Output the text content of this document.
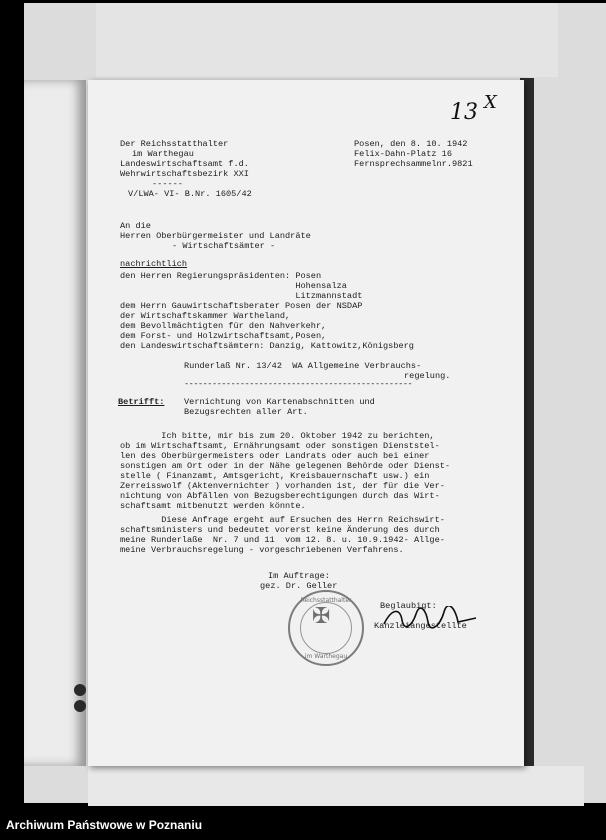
Der Reichsstatthalter
im Warthegau
Landeswirtschaftsamt f.d.
Wehrwirtschaftsbezirk XXI
------
V/LWA- VI- B.Nr. 1605/42
Posen, den 8. 10. 1942
Felix-Dahn-Platz 16
Fernsprechsammelnr.9821
13 X
An die
Herren Oberbürgermeister und Landräte
- Wirtschaftsämter -
nachrichtlich
den Herren Regierungspräsidenten: Posen
Hohensalza
Litzmannstadt
dem Herrn Gauwirtschaftsberater Posen der NSDAP
der Wirtschaftskammer Wartheland,
dem Bevollmächtigten für den Nahverkehr,
dem Forst- und Holzwirtschaftsamt,Posen,
den Landeswirtschaftsämtern: Danzig, Kattowitz,Königsberg
Runderlaß Nr. 13/42  WA Allgemeine Verbrauchs-
regelung.
-------------------------------------------------
Betrifft: Vernichtung von Kartenabschnitten und
Bezugsrechten aller Art.
Ich bitte, mir bis zum 20. Oktober 1942 zu berichten,
ob im Wirtschaftsamt, Ernährungsamt oder sonstigen Dienststel-
len des Oberbürgermeisters oder Landrats oder auch bei einer
sonstigen am Ort oder in der Nähe gelegenen Behörde oder Dienst-
stelle ( Finanzamt, Amtsgericht, Kreisbauernschaft usw.) ein
Zerreisswolf (Aktenvernichter ) vorhanden ist, der für die Ver-
nichtung von Abfällen von Bezugsberechtigungen durch das Wirt-
schaftsamt mitbenutzt werden könnte.
Diese Anfrage ergeht auf Ersuchen des Herrn Reichswirt-
schaftsministers und bedeutet vorerst keine Änderung des durch
meine Runderlaße  Nr. 7 und 11  vom 12. 8. u. 10.9.1942- Allge-
meine Verbrauchsregelung - vorgeschriebenen Verfahrens.
Im Auftrage:
gez. Dr. Geller
Beglaubigt:
Kanzleiangestellte
Reichsstatthalter
✠
im Warthegau
Archiwum Państwowe w Poznaniu
